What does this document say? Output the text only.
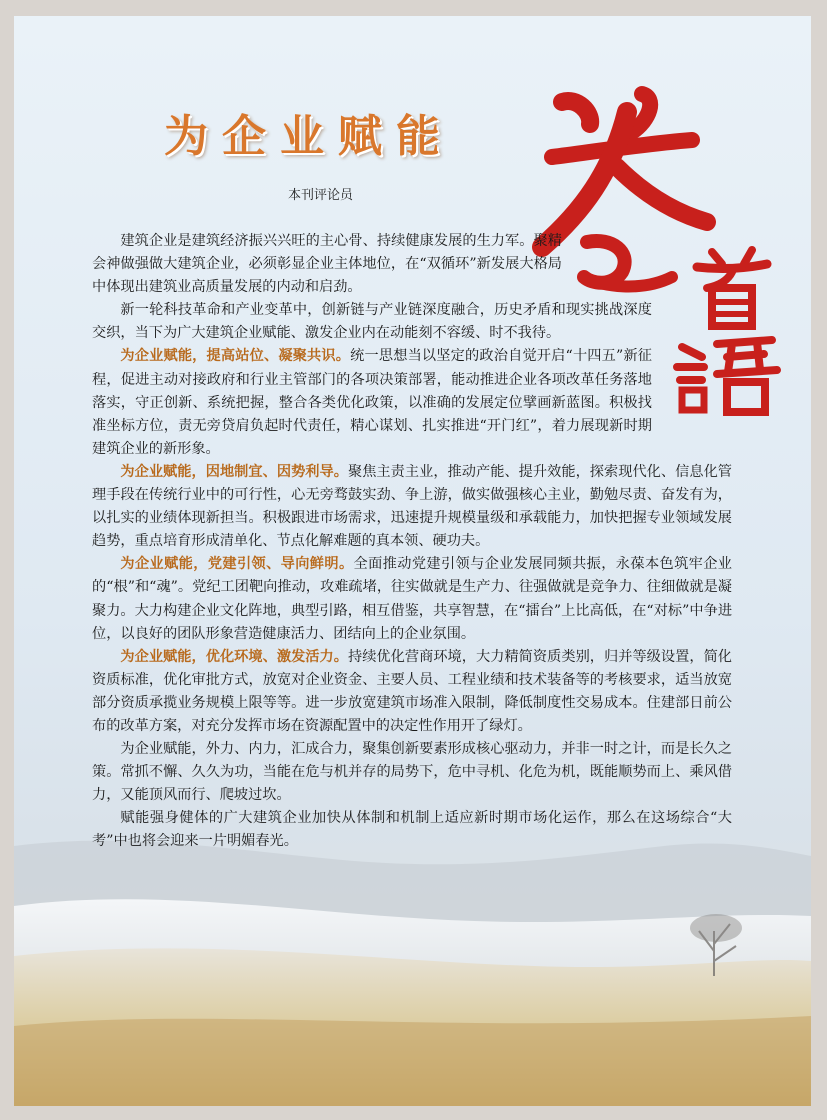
为企业赋能

本刊评论员

建筑企业是建筑经济振兴兴旺的主心骨、持续健康发展的生力军。聚精会神做强做大建筑企业，必须彰显企业主体地位，在“双循环”新发展大格局中体现出建筑业高质量发展的内动和启劲。

新一轮科技革命和产业变革中，创新链与产业链深度融合，历史矛盾和现实挑战深度交织，当下为广大建筑企业赋能、激发企业内在动能刻不容缓、时不我待。

为企业赋能，提高站位、凝聚共识。统一思想当以坚定的政治自觉开启“十四五”新征程，促进主动对接政府和行业主管部门的各项决策部署，能动推进企业各项改革任务落地落实，守正创新、系统把握，整合各类优化政策，以准确的发展定位擘画新蓝图。积极找准坐标方位，责无旁贷肩负起时代责任，精心谋划、扎实推进“开门红”，着力展现新时期建筑企业的新形象。

为企业赋能，因地制宜、因势利导。聚焦主责主业，推动产能、提升效能，探索现代化、信息化管理手段在传统行业中的可行性，心无旁骛鼓实劲、争上游，做实做强核心主业，勤勉尽责、奋发有为，以扎实的业绩体现新担当。积极跟进市场需求，迅速提升规模量级和承载能力，加快把握专业领域发展趋势，重点培育形成清单化、节点化解难题的真本领、硬功夫。

为企业赋能，党建引领、导向鲜明。全面推动党建引领与企业发展同频共振，永葆本色筑牢企业的“根”和“魂”。党纪工团靶向推动，攻难疏堵，往实做就是生产力、往强做就是竞争力、往细做就是凝聚力。大力构建企业文化阵地，典型引路，相互借鉴，共享智慧，在“擂台”上比高低，在“对标”中争进位，以良好的团队形象营造健康活力、团结向上的企业氛围。

为企业赋能，优化环境、激发活力。持续优化营商环境，大力精简资质类别，归并等级设置，简化资质标准，优化审批方式，放宽对企业资金、主要人员、工程业绩和技术装备等的考核要求，适当放宽部分资质承揽业务规模上限等等。进一步放宽建筑市场准入限制，降低制度性交易成本。住建部日前公布的改革方案，对充分发挥市场在资源配置中的决定性作用开了绿灯。

为企业赋能，外力、内力，汇成合力，聚集创新要素形成核心驱动力，并非一时之计，而是长久之策。常抓不懈、久久为功，当能在危与机并存的局势下，危中寻机、化危为机，既能顺势而上、乘风借力，又能顶风而行、爬坡过坎。

赋能强身健体的广大建筑企业加快从体制和机制上适应新时期市场化运作，那么在这场综合“大考”中也将会迎来一片明媚春光。
